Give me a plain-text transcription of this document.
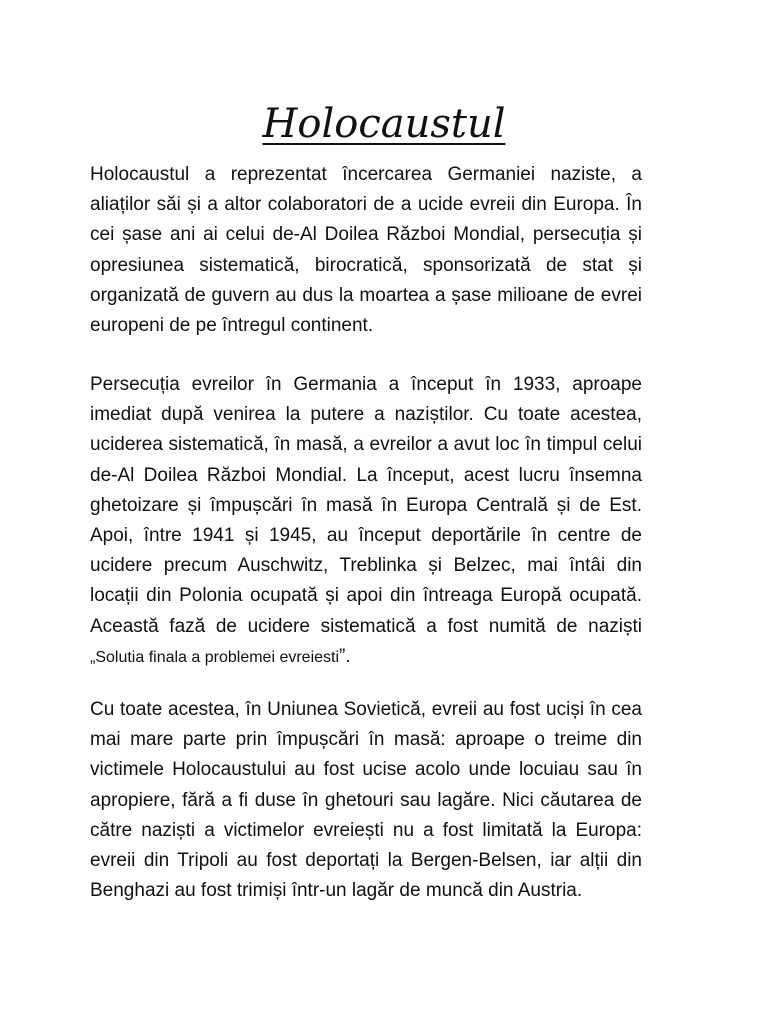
Holocaustul

Holocaustul a reprezentat încercarea Germaniei naziste, a aliaților săi și a altor colaboratori de a ucide evreii din Europa. În cei șase ani ai celui de-Al Doilea Război Mondial, persecuția și opresiunea sistematică, birocratică, sponsorizată de stat și organizată de guvern au dus la moartea a șase milioane de evrei europeni de pe întregul continent.

Persecuția evreilor în Germania a început în 1933, aproape imediat după venirea la putere a naziștilor. Cu toate acestea, uciderea sistematică, în masă, a evreilor a avut loc în timpul celui de-Al Doilea Război Mondial. La început, acest lucru însemna ghetoizare și împușcări în masă în Europa Centrală și de Est. Apoi, între 1941 și 1945, au început deportările în centre de ucidere precum Auschwitz, Treblinka și Belzec, mai întâi din locații din Polonia ocupată și apoi din întreaga Europă ocupată. Această fază de ucidere sistematică a fost numită de naziști „Solutia finala a problemei evreiesti”.

Cu toate acestea, în Uniunea Sovietică, evreii au fost uciși în cea mai mare parte prin împușcări în masă: aproape o treime din victimele Holocaustului au fost ucise acolo unde locuiau sau în apropiere, fără a fi duse în ghetouri sau lagăre. Nici căutarea de către naziști a victimelor evreiești nu a fost limitată la Europa: evreii din Tripoli au fost deportați la Bergen-Belsen, iar alții din Benghazi au fost trimiși într-un lagăr de muncă din Austria.
